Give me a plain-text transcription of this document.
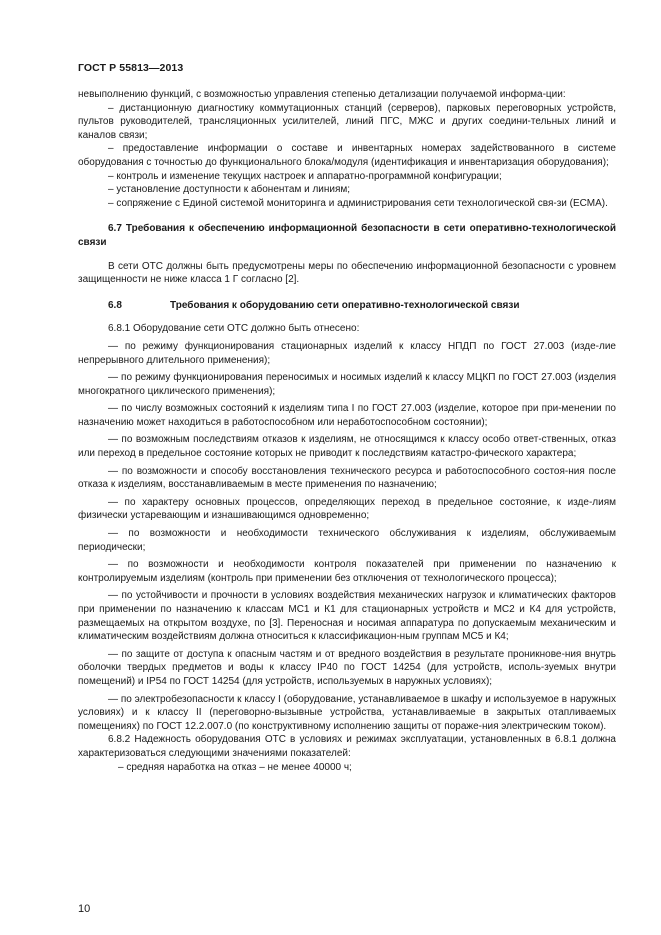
ГОСТ Р 55813—2013

невыполнению функций, с возможностью управления степенью детализации получаемой информа-ции:

– дистанционную диагностику коммутационных станций (серверов), парковых переговорных устройств, пультов руководителей, трансляционных усилителей, линий ПГС, МЖС и других соедини-тельных линий и каналов связи;

– предоставление информации о составе и инвентарных номерах задействованного в системе оборудования с точностью до функционального блока/модуля (идентификация и инвентаризация оборудования);

– контроль и изменение текущих настроек и аппаратно-программной конфигурации;

– установление доступности к абонентам и линиям;

– сопряжение с Единой системой мониторинга и администрирования сети технологической свя-зи (ЕСМА).

6.7 Требования к обеспечению информационной безопасности в сети оперативно-технологической связи

В сети ОТС должны быть предусмотрены меры по обеспечению информационной безопасности с уровнем защищенности не ниже класса 1 Г согласно [2].

6.8	Требования к оборудованию сети оперативно-технологической связи

6.8.1 Оборудование сети ОТС должно быть отнесено:

— по режиму функционирования стационарных изделий к классу НПДП по ГОСТ 27.003 (изде-лие непрерывного длительного применения);

— по режиму функционирования переносимых и носимых изделий к классу МЦКП по ГОСТ 27.003 (изделия многократного циклического применения);

— по числу возможных состояний к изделиям типа I по ГОСТ 27.003 (изделие, которое при при-менении по назначению может находиться в работоспособном или неработоспособном состоянии);

— по возможным последствиям отказов к изделиям, не относящимся к классу особо ответ-ственных, отказ или переход в предельное состояние которых не приводит к последствиям катастро-фического характера;

— по возможности и способу восстановления технического ресурса и работоспособного состоя-ния после отказа к изделиям, восстанавливаемым в месте применения по назначению;

— по характеру основных процессов, определяющих переход в предельное состояние, к изде-лиям физически устаревающим и изнашивающимся одновременно;

— по возможности и необходимости технического обслуживания к изделиям, обслуживаемым периодически;

— по возможности и необходимости контроля показателей при применении по назначению к контролируемым изделиям (контроль при применении без отключения от технологического процесса);

— по устойчивости и прочности в условиях воздействия механических нагрузок и климатических факторов при применении по назначению к классам МС1 и К1 для стационарных устройств и МС2 и К4 для устройств, размещаемых на открытом воздухе, по [3]. Переносная и носимая аппаратура по допускаемым механическим и климатическим воздействиям должна относиться к классификацион-ным группам МС5 и К4;

— по защите от доступа к опасным частям и от вредного воздействия в результате проникнове-ния внутрь оболочки твердых предметов и воды к классу IP40 по ГОСТ 14254 (для устройств, исполь-зуемых внутри помещений) и IP54 по ГОСТ 14254 (для устройств, используемых в наружных условиях);

— по электробезопасности к классу I (оборудование, устанавливаемое в шкафу и используемое в наружных условиях) и к классу II (переговорно-вызывные устройства, устанавливаемые в закрытых отапливаемых помещениях) по ГОСТ 12.2.007.0 (по конструктивному исполнению защиты от пораже-ния электрическим током).

6.8.2 Надежность оборудования ОТС в условиях и режимах эксплуатации, установленных в 6.8.1 должна характеризоваться следующими значениями показателей:

– средняя наработка на отказ – не менее 40000 ч;

10
